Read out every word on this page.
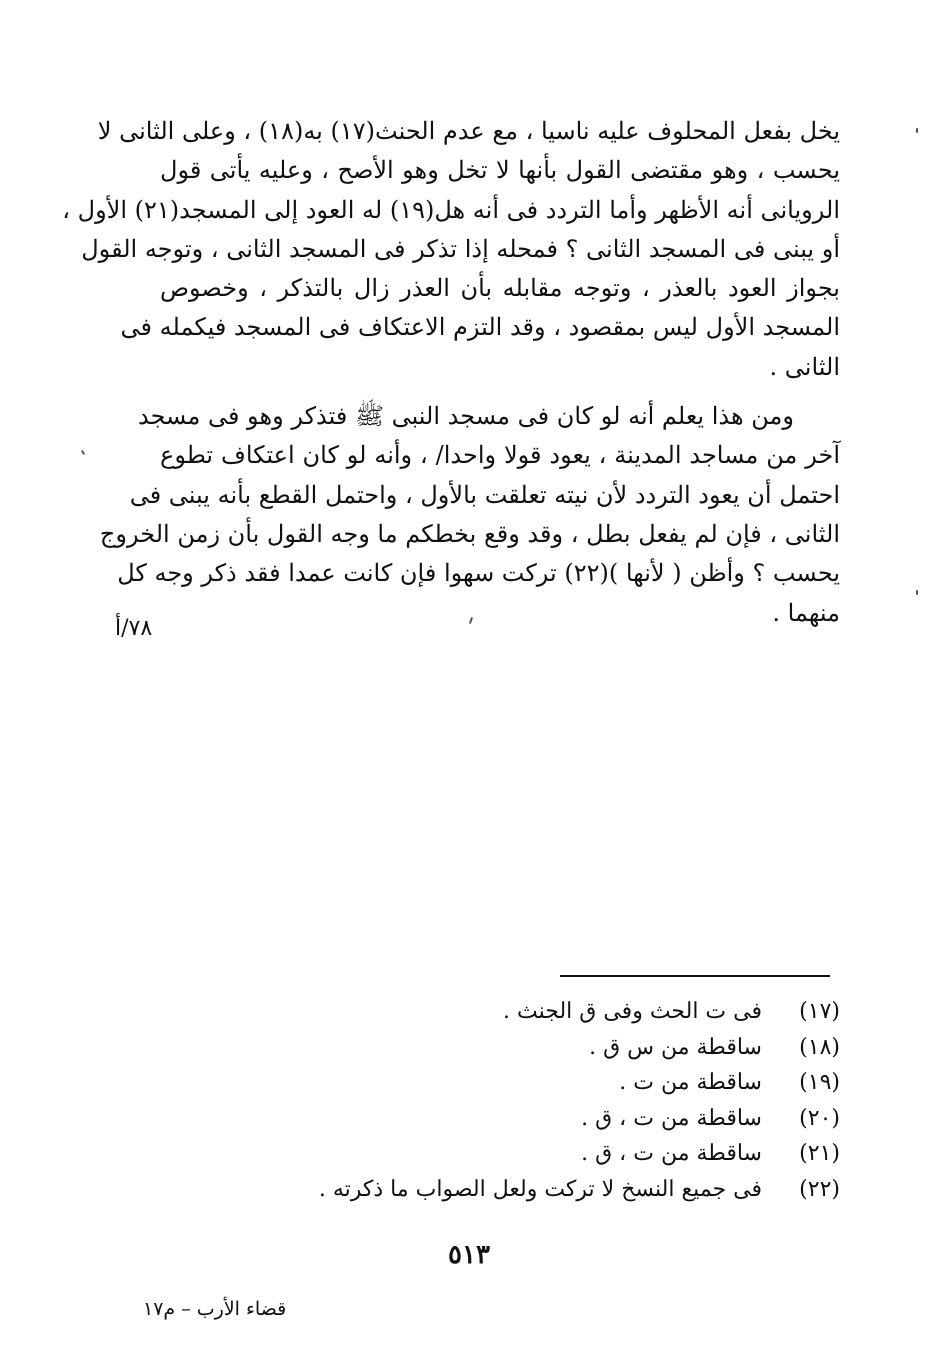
يخل بفعل المحلوف عليه ناسيا ، مع عدم الحنث(١٧) به(١٨) ، وعلى الثانى لا
يحسب ، وهو مقتضى القول بأنها لا تخل وهو الأصح ، وعليه يأتى قول
الرويانى أنه الأظهر وأما التردد فى أنه هل(١٩) له العود إلى المسجد(٢١) الأول ،
أو يبنى فى المسجد الثانى ؟ فمحله إذا تذكر فى المسجد الثانى ، وتوجه القول
بجواز العود بالعذر ، وتوجه مقابله بأن العذر زال بالتذكر ، وخصوص
المسجد الأول ليس بمقصود ، وقد التزم الاعتكاف فى المسجد فيكمله فى
الثانى .

ومن هذا يعلم أنه لو كان فى مسجد النبى ﷺ فتذكر وهو فى مسجد
آخر من مساجد المدينة ، يعود قولا واحدا/ ، وأنه لو كان اعتكاف تطوع
احتمل أن يعود التردد لأن نيته تعلقت بالأول ، واحتمل القطع بأنه يبنى فى
الثانى ، فإن لم يفعل بطل ، وقد وقع بخطكم ما وجه القول بأن زمن الخروج
يحسب ؟ وأظن ( لأنها )(٢٢) تركت سهوا فإن كانت عمدا فقد ذكر وجه كل
منهما .

٧٨/أ
(١٧)
فى ت الحث وفى ق الجنث .
(١٨)
ساقطة من س ق .
(١٩)
ساقطة من ت .
(٢٠)
ساقطة من ت ، ق .
(٢١)
ساقطة من ت ، ق .
(٢٢)
فى جميع النسخ لا تركت ولعل الصواب ما ذكرته .
٥١٣
قضاء الأرب – م١٧
